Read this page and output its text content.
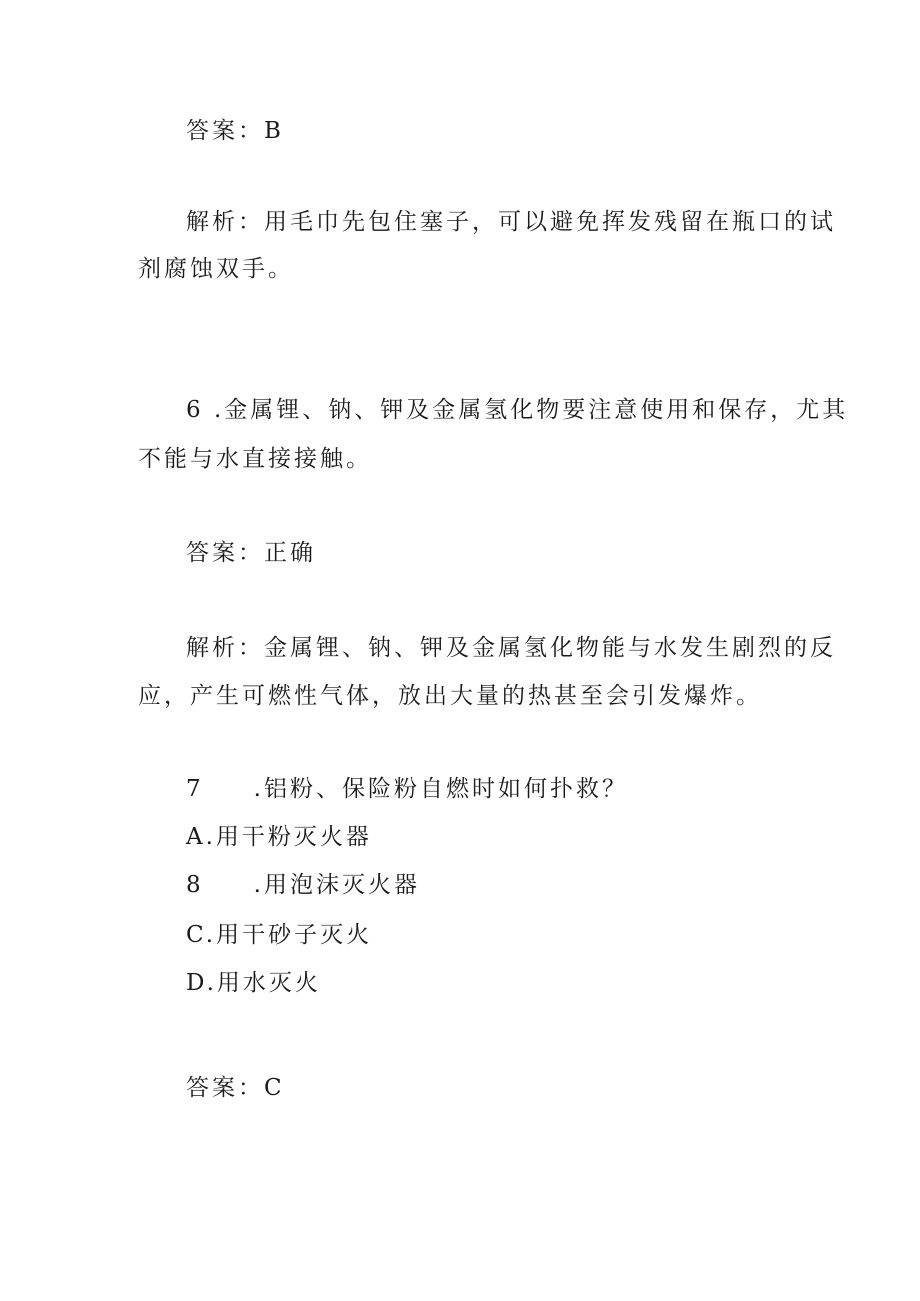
答案：B
解析：用毛巾先包住塞子，可以避免挥发残留在瓶口的试
剂腐蚀双手。
6 .金属锂、钠、钾及金属氢化物要注意使用和保存，尤其
不能与水直接接触。
答案：正确
解析：金属锂、钠、钾及金属氢化物能与水发生剧烈的反
应，产生可燃性气体，放出大量的热甚至会引发爆炸。
7 .铝粉、保险粉自燃时如何扑救？
A.用干粉灭火器
8 .用泡沫灭火器
C.用干砂子灭火
D.用水灭火
答案：C
